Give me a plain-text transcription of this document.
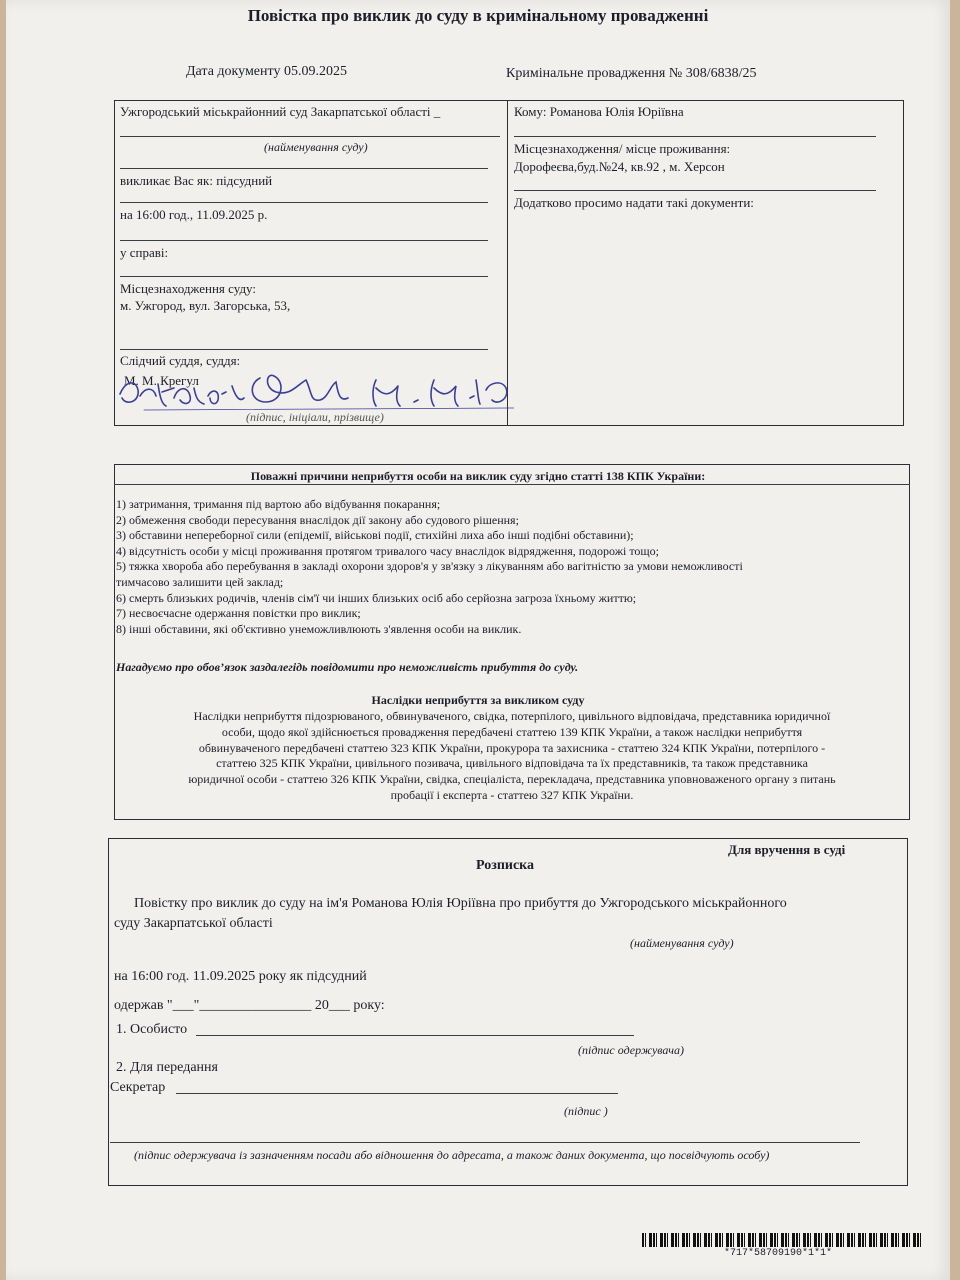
Повістка про виклик до суду в кримінальному провадженні
Дата документу 05.09.2025	Кримінальне провадження № 308/6838/25
Ужгородський міськрайонний суд Закарпатської області _
(найменування суду)
викликає Вас як: підсудний
на 16:00 год., 11.09.2025 р.
у справі:
Місцезнаходження суду:
м. Ужгород, вул. Загорська, 53,
Слідчий суддя, суддя:
М. М. Крегул
(підпис, ініціали, прізвище)
Кому: Романова Юлія Юріївна
Місцезнаходження/ місце проживання:
Дорофеєва,буд.№24, кв.92 , м. Херсон
Додатково просимо надати такі документи:
Поважні причини неприбуття особи на виклик суду згідно статті 138 КПК України:
1) затримання, тримання під вартою або відбування покарання;
2) обмеження свободи пересування внаслідок дії закону або судового рішення;
3) обставини непереборної сили (епідемії, військові події, стихійні лиха або інші подібні обставини);
4) відсутність особи у місці проживання протягом тривалого часу внаслідок відрядження, подорожі тощо;
5) тяжка хвороба або перебування в закладі охорони здоров'я у зв'язку з лікуванням або вагітністю за умови неможливості
тимчасово залишити цей заклад;
6) смерть близьких родичів, членів сім'ї чи інших близьких осіб або серйозна загроза їхньому життю;
7) несвоєчасне одержання повістки про виклик;
8) інші обставини, які об'єктивно унеможливлюють з'явлення особи на виклик.
Нагадуємо про обов’язок заздалегідь повідомити про неможливість прибуття до суду.
Наслідки неприбуття за викликом суду
Наслідки неприбуття підозрюваного, обвинуваченого, свідка, потерпілого, цивільного відповідача, представника юридичної
особи, щодо якої здійснюється провадження передбачені статтею 139 КПК України, а також наслідки неприбуття
обвинуваченого передбачені статтею 323 КПК України, прокурора та захисника - статтею 324 КПК України, потерпілого -
статтею 325 КПК України, цивільного позивача, цивільного відповідача та їх представників, та також представника
юридичної особи - статтею 326 КПК України, свідка, спеціаліста, перекладача, представника уповноваженого органу з питань
пробації і експерта - статтею 327 КПК України.
Для вручення в суді
Розписка
Повістку про виклик до суду на ім'я Романова Юлія Юріївна про прибуття до Ужгородського міськрайонного
суду Закарпатської області
(найменування суду)
на 16:00 год. 11.09.2025 року як підсудний
одержав "___"________________ 20___ року:
1. Особисто
(підпис одержувача)
2. Для передання
Секретар
(підпис )
(підпис одержувача із зазначенням посади або відношення до адресата, а також даних документа, що посвідчують особу)
*717*58709190*1*1*
